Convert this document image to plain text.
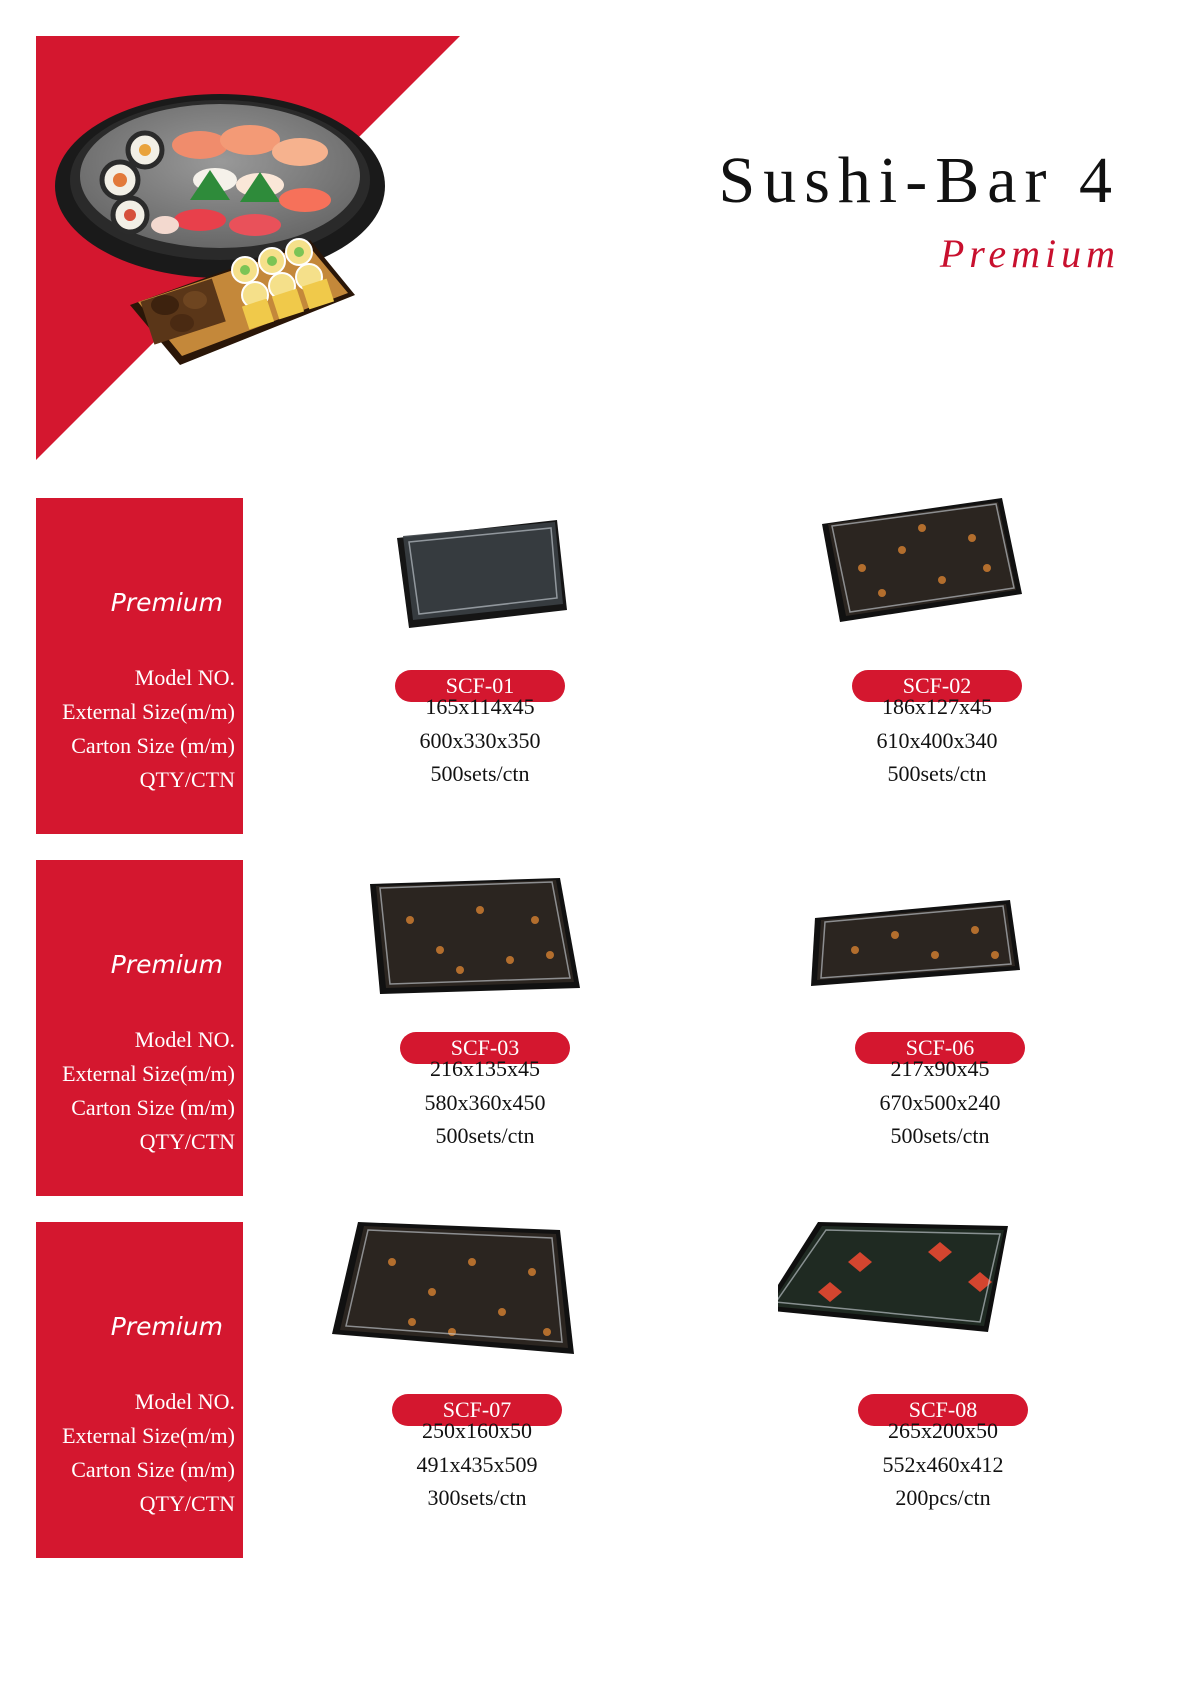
Sushi-Bar 4
Premium
Premium
Model NO.
External Size(m/m)
Carton Size (m/m)
QTY/CTN
SCF-01
165x114x45
600x330x350
500sets/ctn
SCF-02
186x127x45
610x400x340
500sets/ctn
Premium
Model NO.
External Size(m/m)
Carton Size (m/m)
QTY/CTN
SCF-03
216x135x45
580x360x450
500sets/ctn
SCF-06
217x90x45
670x500x240
500sets/ctn
Premium
Model NO.
External Size(m/m)
Carton Size (m/m)
QTY/CTN
SCF-07
250x160x50
491x435x509
300sets/ctn
SCF-08
265x200x50
552x460x412
200pcs/ctn
